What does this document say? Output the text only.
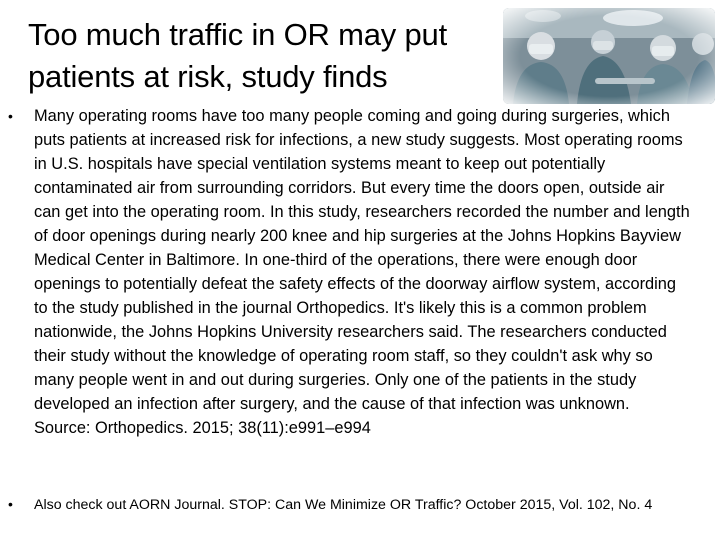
Too much traffic in OR may put patients at risk, study finds
• Many operating rooms have too many people coming and going during surgeries, which puts patients at increased risk for infections, a new study suggests. Most operating rooms in U.S. hospitals have special ventilation systems meant to keep out potentially contaminated air from surrounding corridors. But every time the doors open, outside air can get into the operating room. In this study, researchers recorded the number and length of door openings during nearly 200 knee and hip surgeries at the Johns Hopkins Bayview Medical Center in Baltimore. In one-third of the operations, there were enough door openings to potentially defeat the safety effects of the doorway airflow system, according to the study published in the journal Orthopedics. It's likely this is a common problem nationwide, the Johns Hopkins University researchers said. The researchers conducted their study without the knowledge of operating room staff, so they couldn't ask why so many people went in and out during surgeries. Only one of the patients in the study developed an infection after surgery, and the cause of that infection was unknown. Source: Orthopedics. 2015; 38(11):e991–e994

• Also check out AORN Journal. STOP: Can We Minimize OR Traffic? October 2015, Vol. 102, No. 4
